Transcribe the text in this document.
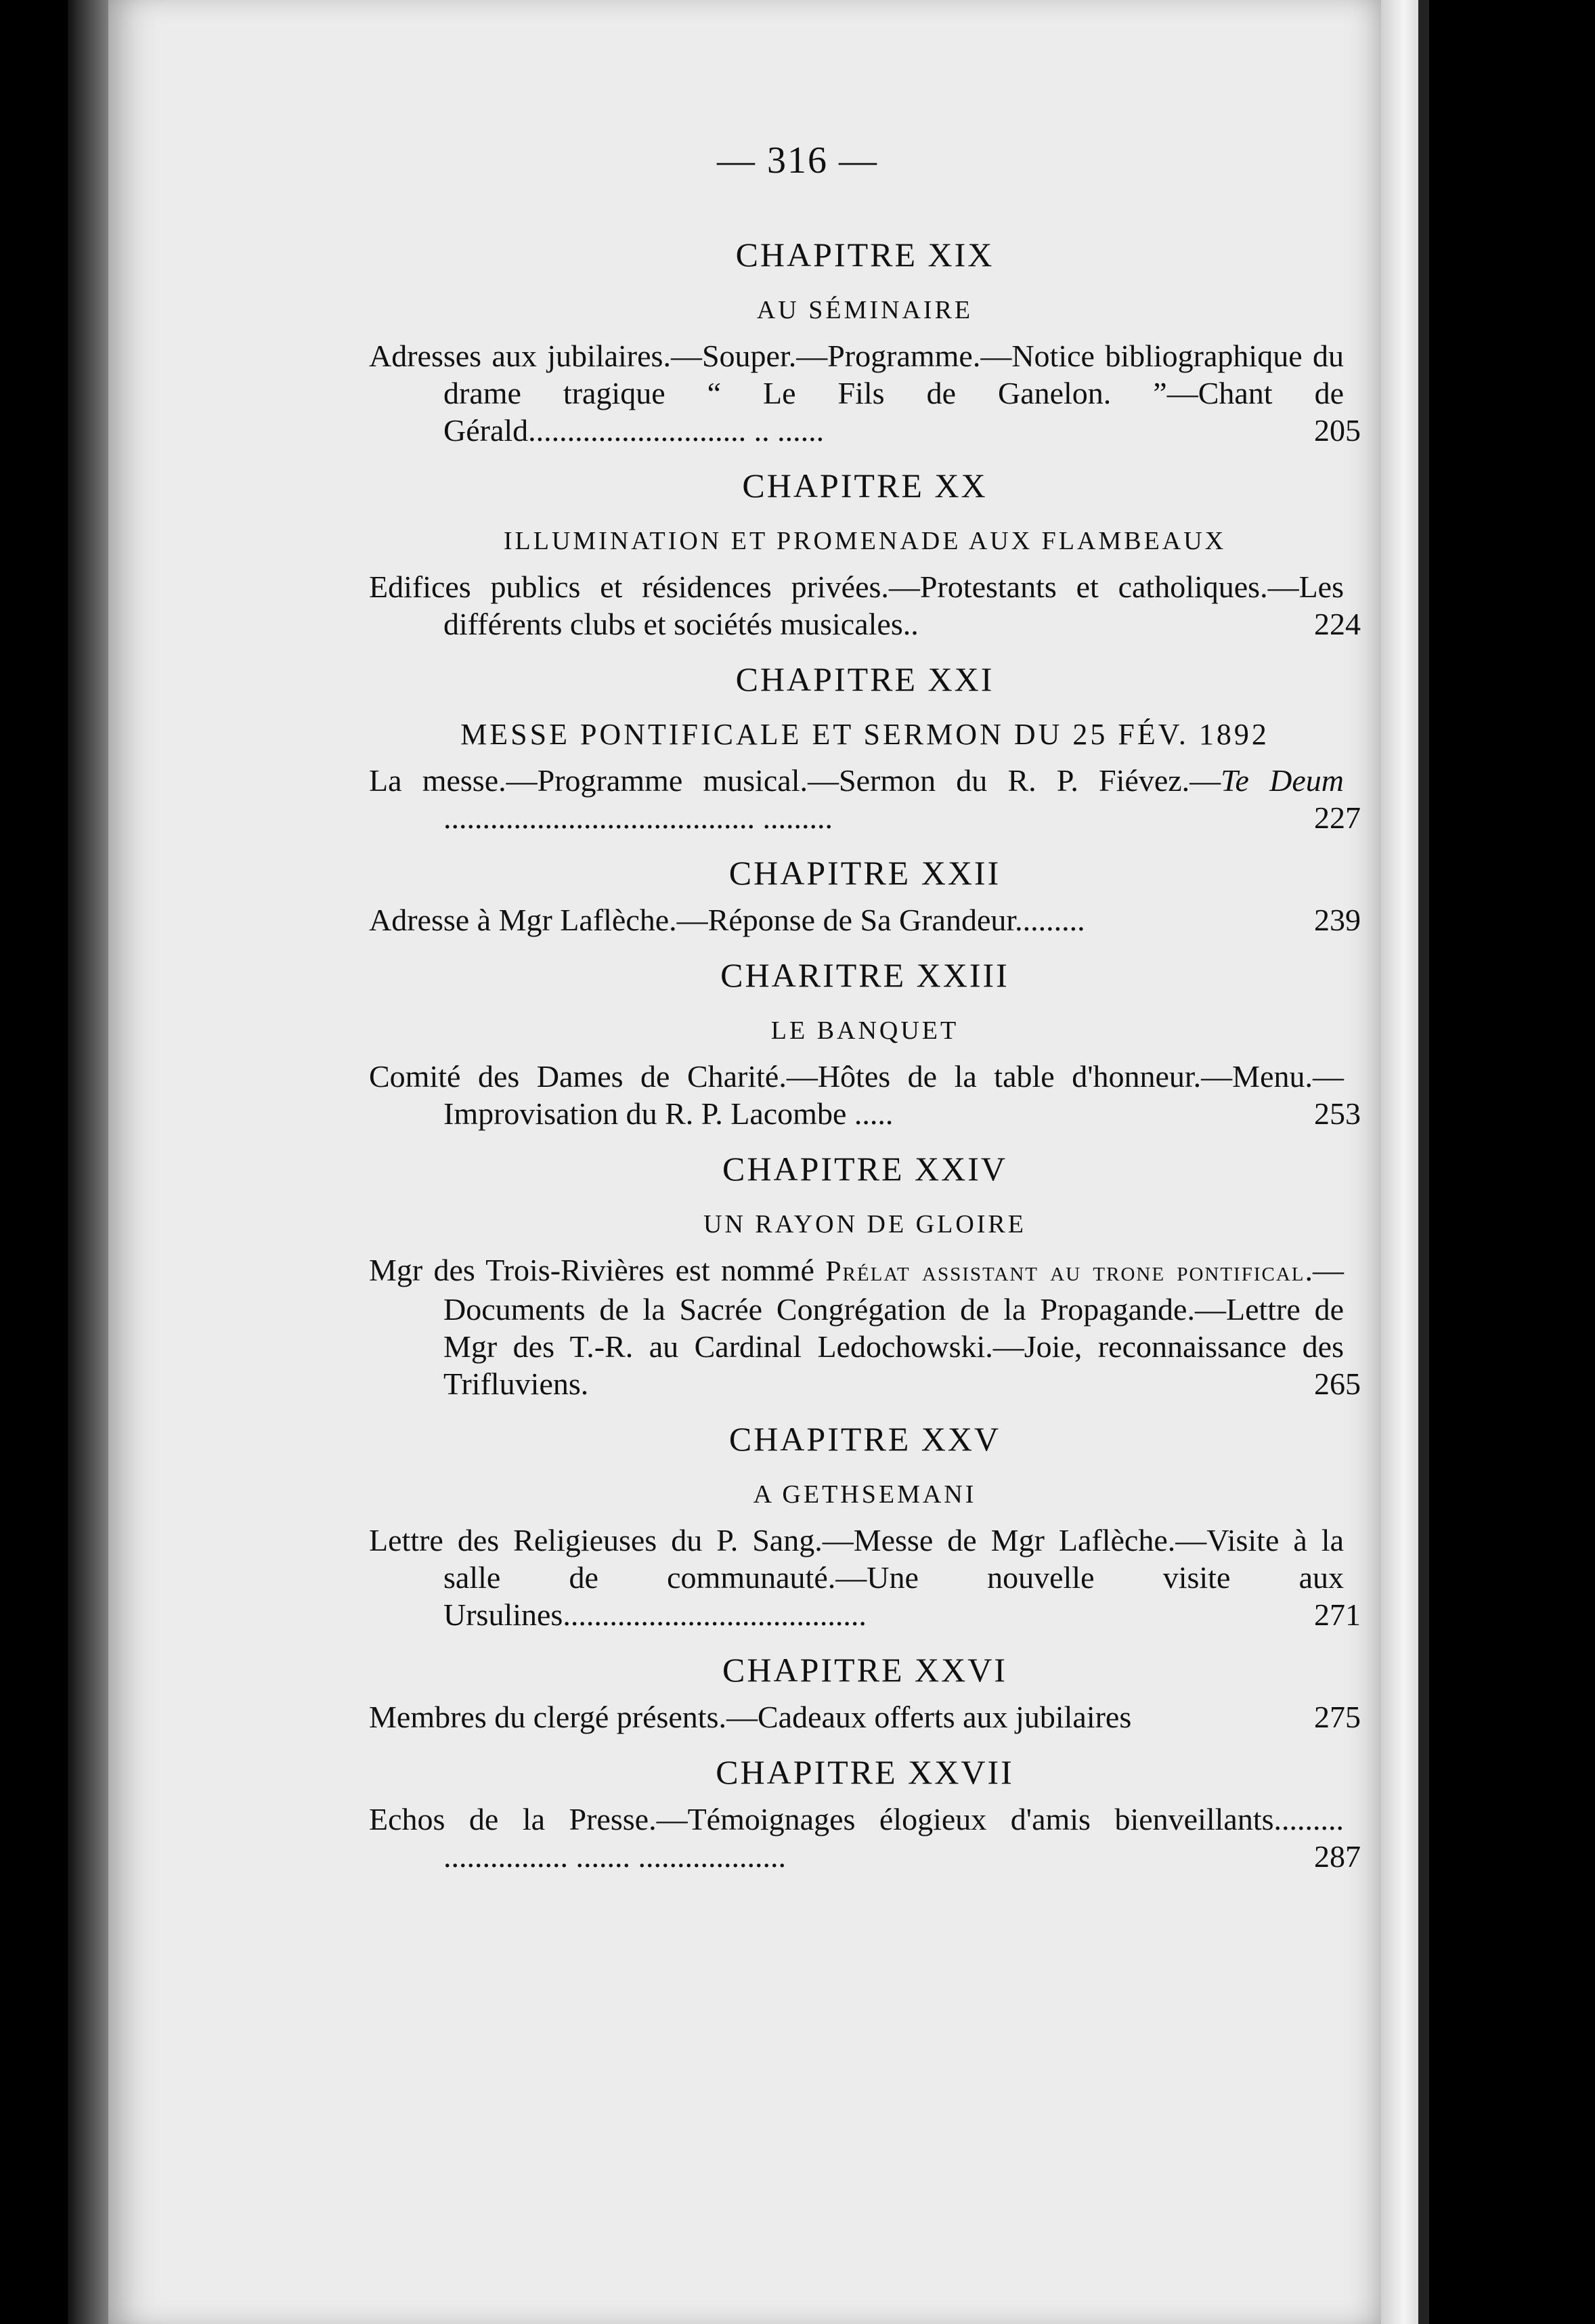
— 316 —
CHAPITRE XIX
AU SÉMINAIRE
Adresses aux jubilaires.—Souper.—Programme.—Notice bibliographique du drame tragique “ Le Fils de Ganelon. ”—Chant de Gérald............................ .. ......	205
CHAPITRE XX
ILLUMINATION ET PROMENADE AUX FLAMBEAUX
Edifices publics et résidences privées.—Protestants et catholiques.—Les différents clubs et sociétés musicales..	224
CHAPITRE XXI
MESSE PONTIFICALE ET SERMON DU 25 FÉV. 1892
La messe.—Programme musical.—Sermon du R. P. Fiévez.—Te Deum ........................................ .........	227
CHAPITRE XXII
Adresse à Mgr Laflèche.—Réponse de Sa Grandeur.........	239
CHARITRE XXIII
LE BANQUET
Comité des Dames de Charité.—Hôtes de la table d'honneur.—Menu.—Improvisation du R. P. Lacombe .....	253
CHAPITRE XXIV
UN RAYON DE GLOIRE
Mgr des Trois-Rivières est nommé Prélat assistant au trone pontifical.—Documents de la Sacrée Congrégation de la Propagande.—Lettre de Mgr des T.-R. au Cardinal Ledochowski.—Joie, reconnaissance des Trifluviens.	265
CHAPITRE XXV
A GETHSEMANI
Lettre des Religieuses du P. Sang.—Messe de Mgr Laflèche.—Visite à la salle de communauté.—Une nouvelle visite aux Ursulines.......................................	271
CHAPITRE XXVI
Membres du clergé présents.—Cadeaux offerts aux jubilaires	275
CHAPITRE XXVII
Echos de la Presse.—Témoignages élogieux d'amis bienveillants......... ................ ....... ...................	287
